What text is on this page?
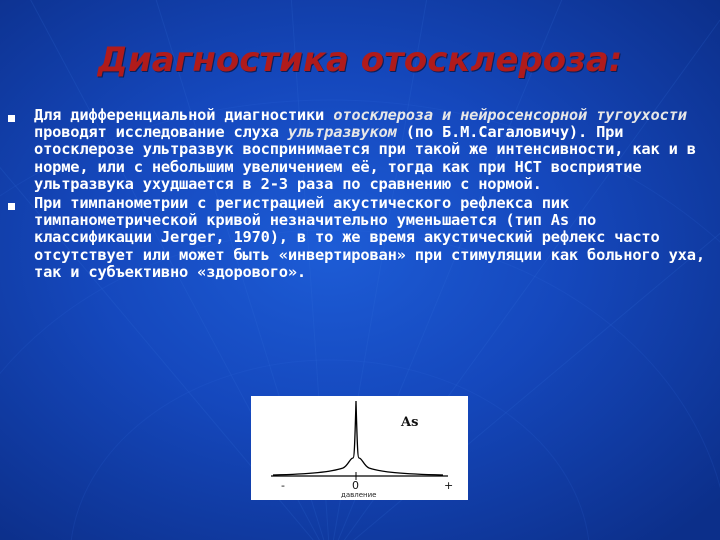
Диагностика отосклероза:
Для дифференциальной диагностики отосклероза и нейросенсорной тугоухости проводят исследование слуха ультразвуком (по Б.М.Сагаловичу). При отосклерозе ультразвук воспринимается при такой же интенсивности, как и в норме, или с небольшим увеличением её, тогда как при НСТ восприятие ультразвука ухудшается в 2-3 раза по сравнению с нормой.
При тимпанометрии с регистрацией акустического рефлекса пик тимпанометрической кривой незначительно уменьшается (тип As по классификации Jerger, 1970), в то же время акустический рефлекс часто отсутствует или может быть «инвертирован» при стимуляции как больного уха, так и субъективно «здорового».
As
-	0	+
давление
